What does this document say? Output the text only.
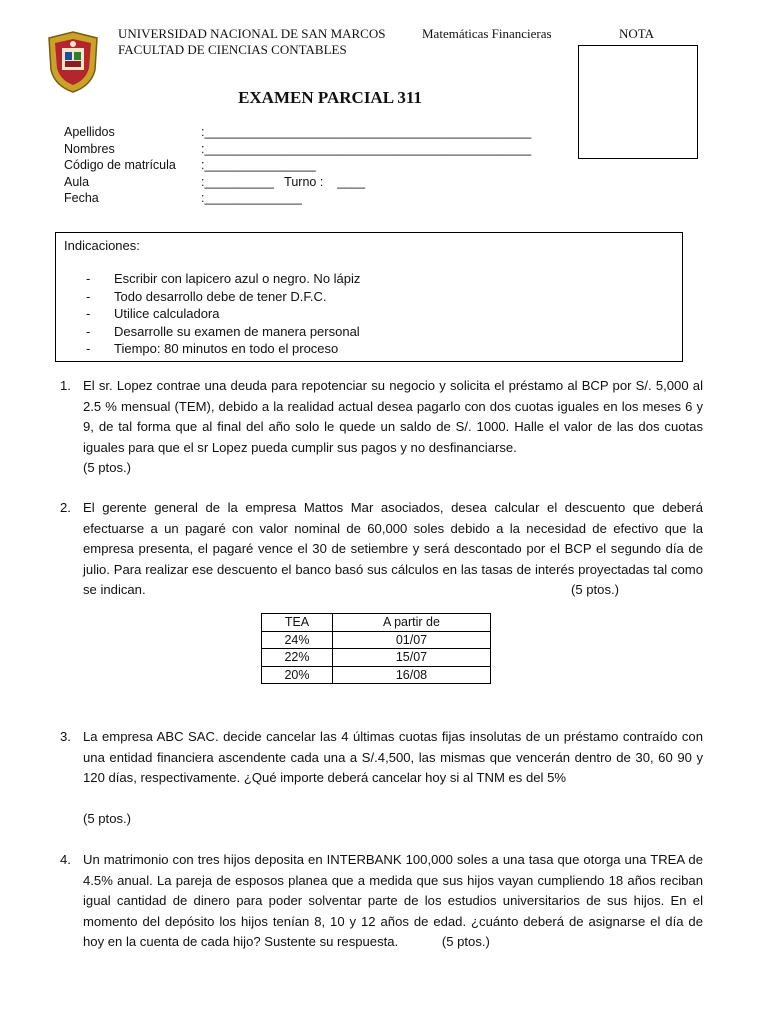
UNIVERSIDAD NACIONAL DE SAN MARCOS
FACULTAD DE CIENCIAS CONTABLES
Matemáticas Financieras	NOTA
EXAMEN PARCIAL 311
Apellidos	:_______________________________________________
Nombres	:_______________________________________________
Código de matrícula :________________
Aula	:__________   Turno :    ____
Fecha	:______________
Indicaciones:
- Escribir con lapicero azul o negro. No lápiz
- Todo desarrollo debe de tener D.F.C.
- Utilice calculadora
- Desarrolle su examen de manera personal
- Tiempo: 80 minutos en todo el proceso
1. El sr. Lopez contrae una deuda para repotenciar su negocio y solicita el préstamo al BCP por S/. 5,000 al 2.5 % mensual (TEM), debido a la realidad actual desea pagarlo con dos cuotas iguales en los meses 6 y 9, de tal forma que al final del año solo le quede un saldo de S/. 1000. Halle el valor de las dos cuotas iguales para que el sr Lopez pueda cumplir sus pagos y no desfinanciarse.
(5 ptos.)
2. El gerente general de la empresa Mattos Mar asociados, desea calcular el descuento que deberá efectuarse a un pagaré con valor nominal de 60,000 soles debido a la necesidad de efectivo que la empresa presenta, el pagaré vence el 30 de setiembre y será descontado por el BCP el segundo día de julio. Para realizar ese descuento el banco basó sus cálculos en las tasas de interés proyectadas tal como se indican.	(5 ptos.)
TEA	A partir de
24%	01/07
22%	15/07
20%	16/08
3. La empresa ABC SAC. decide cancelar las 4 últimas cuotas fijas insolutas de un préstamo contraído con una entidad financiera ascendente cada una a S/.4,500, las mismas que vencerán dentro de 30, 60 90 y 120 días, respectivamente. ¿Qué importe deberá cancelar hoy si al TNM es del 5%
(5 ptos.)
4. Un matrimonio con tres hijos deposita en INTERBANK 100,000 soles a una tasa que otorga una TREA de 4.5% anual. La pareja de esposos planea que a medida que sus hijos vayan cumpliendo 18 años reciban igual cantidad de dinero para poder solventar parte de los estudios universitarios de sus hijos. En el momento del depósito los hijos tenían 8, 10 y 12 años de edad. ¿cuánto deberá de asignarse el día de hoy en la cuenta de cada hijo? Sustente su respuesta.	(5 ptos.)
